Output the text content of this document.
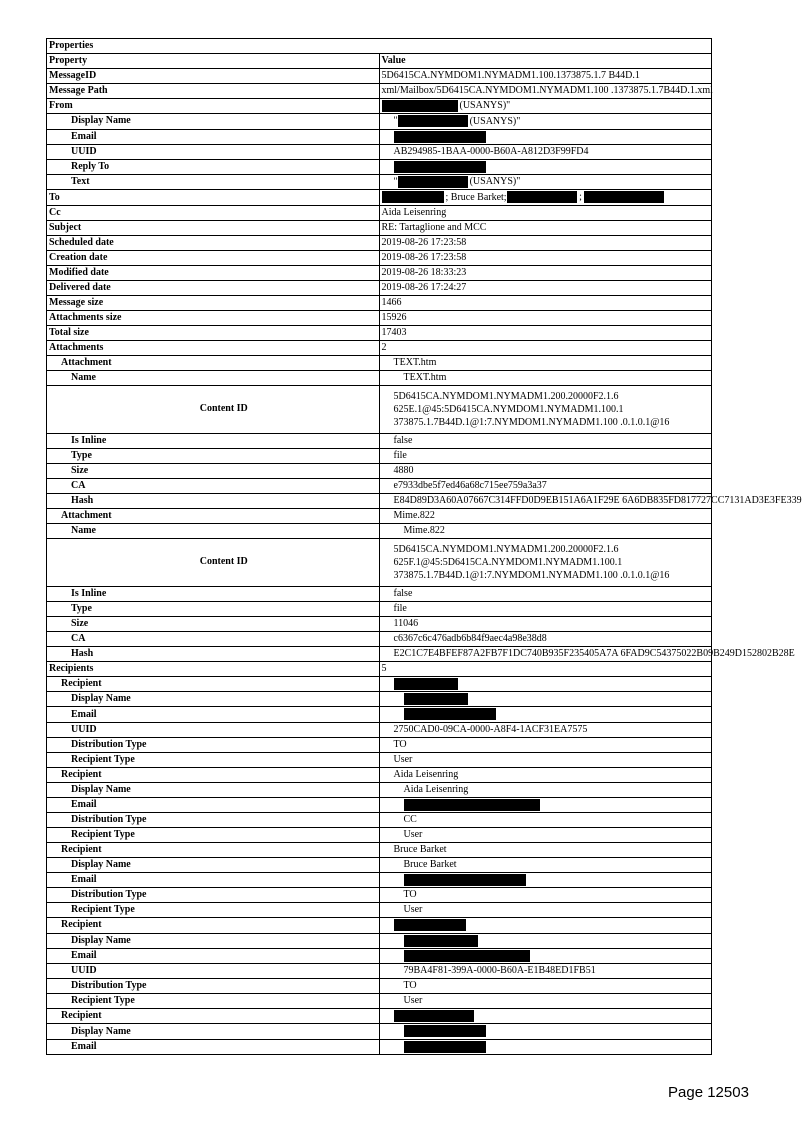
Properties	
Property	Value
MessageID	5D6415CA.NYMDOM1.NYMADM1.100.1373875.1.7 B44D.1
Message Path	xml/Mailbox/5D6415CA.NYMDOM1.NYMADM1.100 .1373875.1.7B44D.1.xml
From	(USANYS)"
Display Name	" (USANYS)"
Email	
UUID	AB294985-1BAA-0000-B60A-A812D3F99FD4
Reply To	
Text	" (USANYS)"
To	; Bruce Barket; ;
Cc	Aida Leisenring
Subject	RE: Tartaglione and MCC
Scheduled date	2019-08-26 17:23:58
Creation date	2019-08-26 17:23:58
Modified date	2019-08-26 18:33:23
Delivered date	2019-08-26 17:24:27
Message size	1466
Attachments size	15926
Total size	17403
Attachments	2
Attachment	TEXT.htm
Name	TEXT.htm
Content ID	5D6415CA.NYMDOM1.NYMADM1.200.20000F2.1.6
625E.1@45:5D6415CA.NYMDOM1.NYMADM1.100.1
373875.1.7B44D.1@1:7.NYMDOM1.NYMADM1.100 .0.1.0.1@16

Is Inline	false
Type	file
Size	4880
CA	e7933dbe5f7ed46a68c715ee759a3a37
Hash	E84D89D3A60A07667C314FFD0D9EB151A6A1F29E 6A6DB835FD817727CC7131AD3E3FE339
Attachment	Mime.822
Name	Mime.822
Content ID	5D6415CA.NYMDOM1.NYMADM1.200.20000F2.1.6
625F.1@45:5D6415CA.NYMDOM1.NYMADM1.100.1
373875.1.7B44D.1@1:7.NYMDOM1.NYMADM1.100 .0.1.0.1@16

Is Inline	false
Type	file
Size	11046
CA	c6367c6c476adb6b84f9aec4a98e38d8
Hash	E2C1C7E4BFEF87A2FB7F1DC740B935F235405A7A 6FAD9C54375022B09B249D152802B28E
Recipients	5
Recipient	
Display Name	
Email	
UUID	2750CAD0-09CA-0000-A8F4-1ACF31EA7575
Distribution Type	TO
Recipient Type	User
Recipient	Aida Leisenring
Display Name	Aida Leisenring
Email	
Distribution Type	CC
Recipient Type	User
Recipient	Bruce Barket
Display Name	Bruce Barket
Email	
Distribution Type	TO
Recipient Type	User
Recipient	
Display Name	
Email	
UUID	79BA4F81-399A-0000-B60A-E1B48ED1FB51
Distribution Type	TO
Recipient Type	User
Recipient	
Display Name	
Email	
Page 12503
